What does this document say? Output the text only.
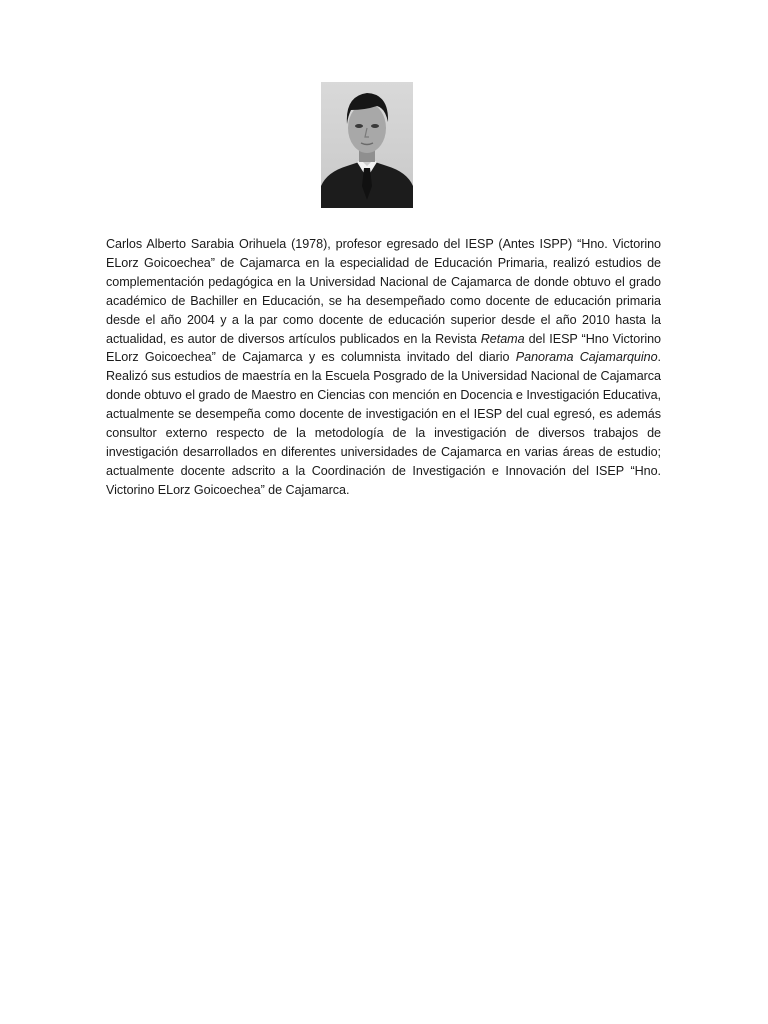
Carlos Alberto Sarabia Orihuela (1978), profesor egresado del IESP (Antes ISPP) “Hno. Victorino ELorz Goicoechea” de Cajamarca en la especialidad de Educación Primaria, realizó estudios de complementación pedagógica en la Universidad Nacional de Cajamarca de donde obtuvo el grado académico de Bachiller en Educación, se ha desempeñado como docente de educación primaria desde el año 2004 y a la par como docente de educación superior desde el año 2010 hasta la actualidad, es autor de diversos artículos publicados en la Revista Retama del IESP “Hno Victorino ELorz Goicoechea” de Cajamarca y es columnista invitado del diario Panorama Cajamarquino. Realizó sus estudios de maestría en la Escuela Posgrado de la Universidad Nacional de Cajamarca donde obtuvo el grado de Maestro en Ciencias con mención en Docencia e Investigación Educativa, actualmente se desempeña como docente de investigación en el IESP del cual egresó, es además consultor externo respecto de la metodología de la investigación de diversos trabajos de investigación desarrollados en diferentes universidades de Cajamarca en varias áreas de estudio; actualmente docente adscrito a la Coordinación de Investigación e Innovación del ISEP “Hno. Victorino ELorz Goicoechea” de Cajamarca.
